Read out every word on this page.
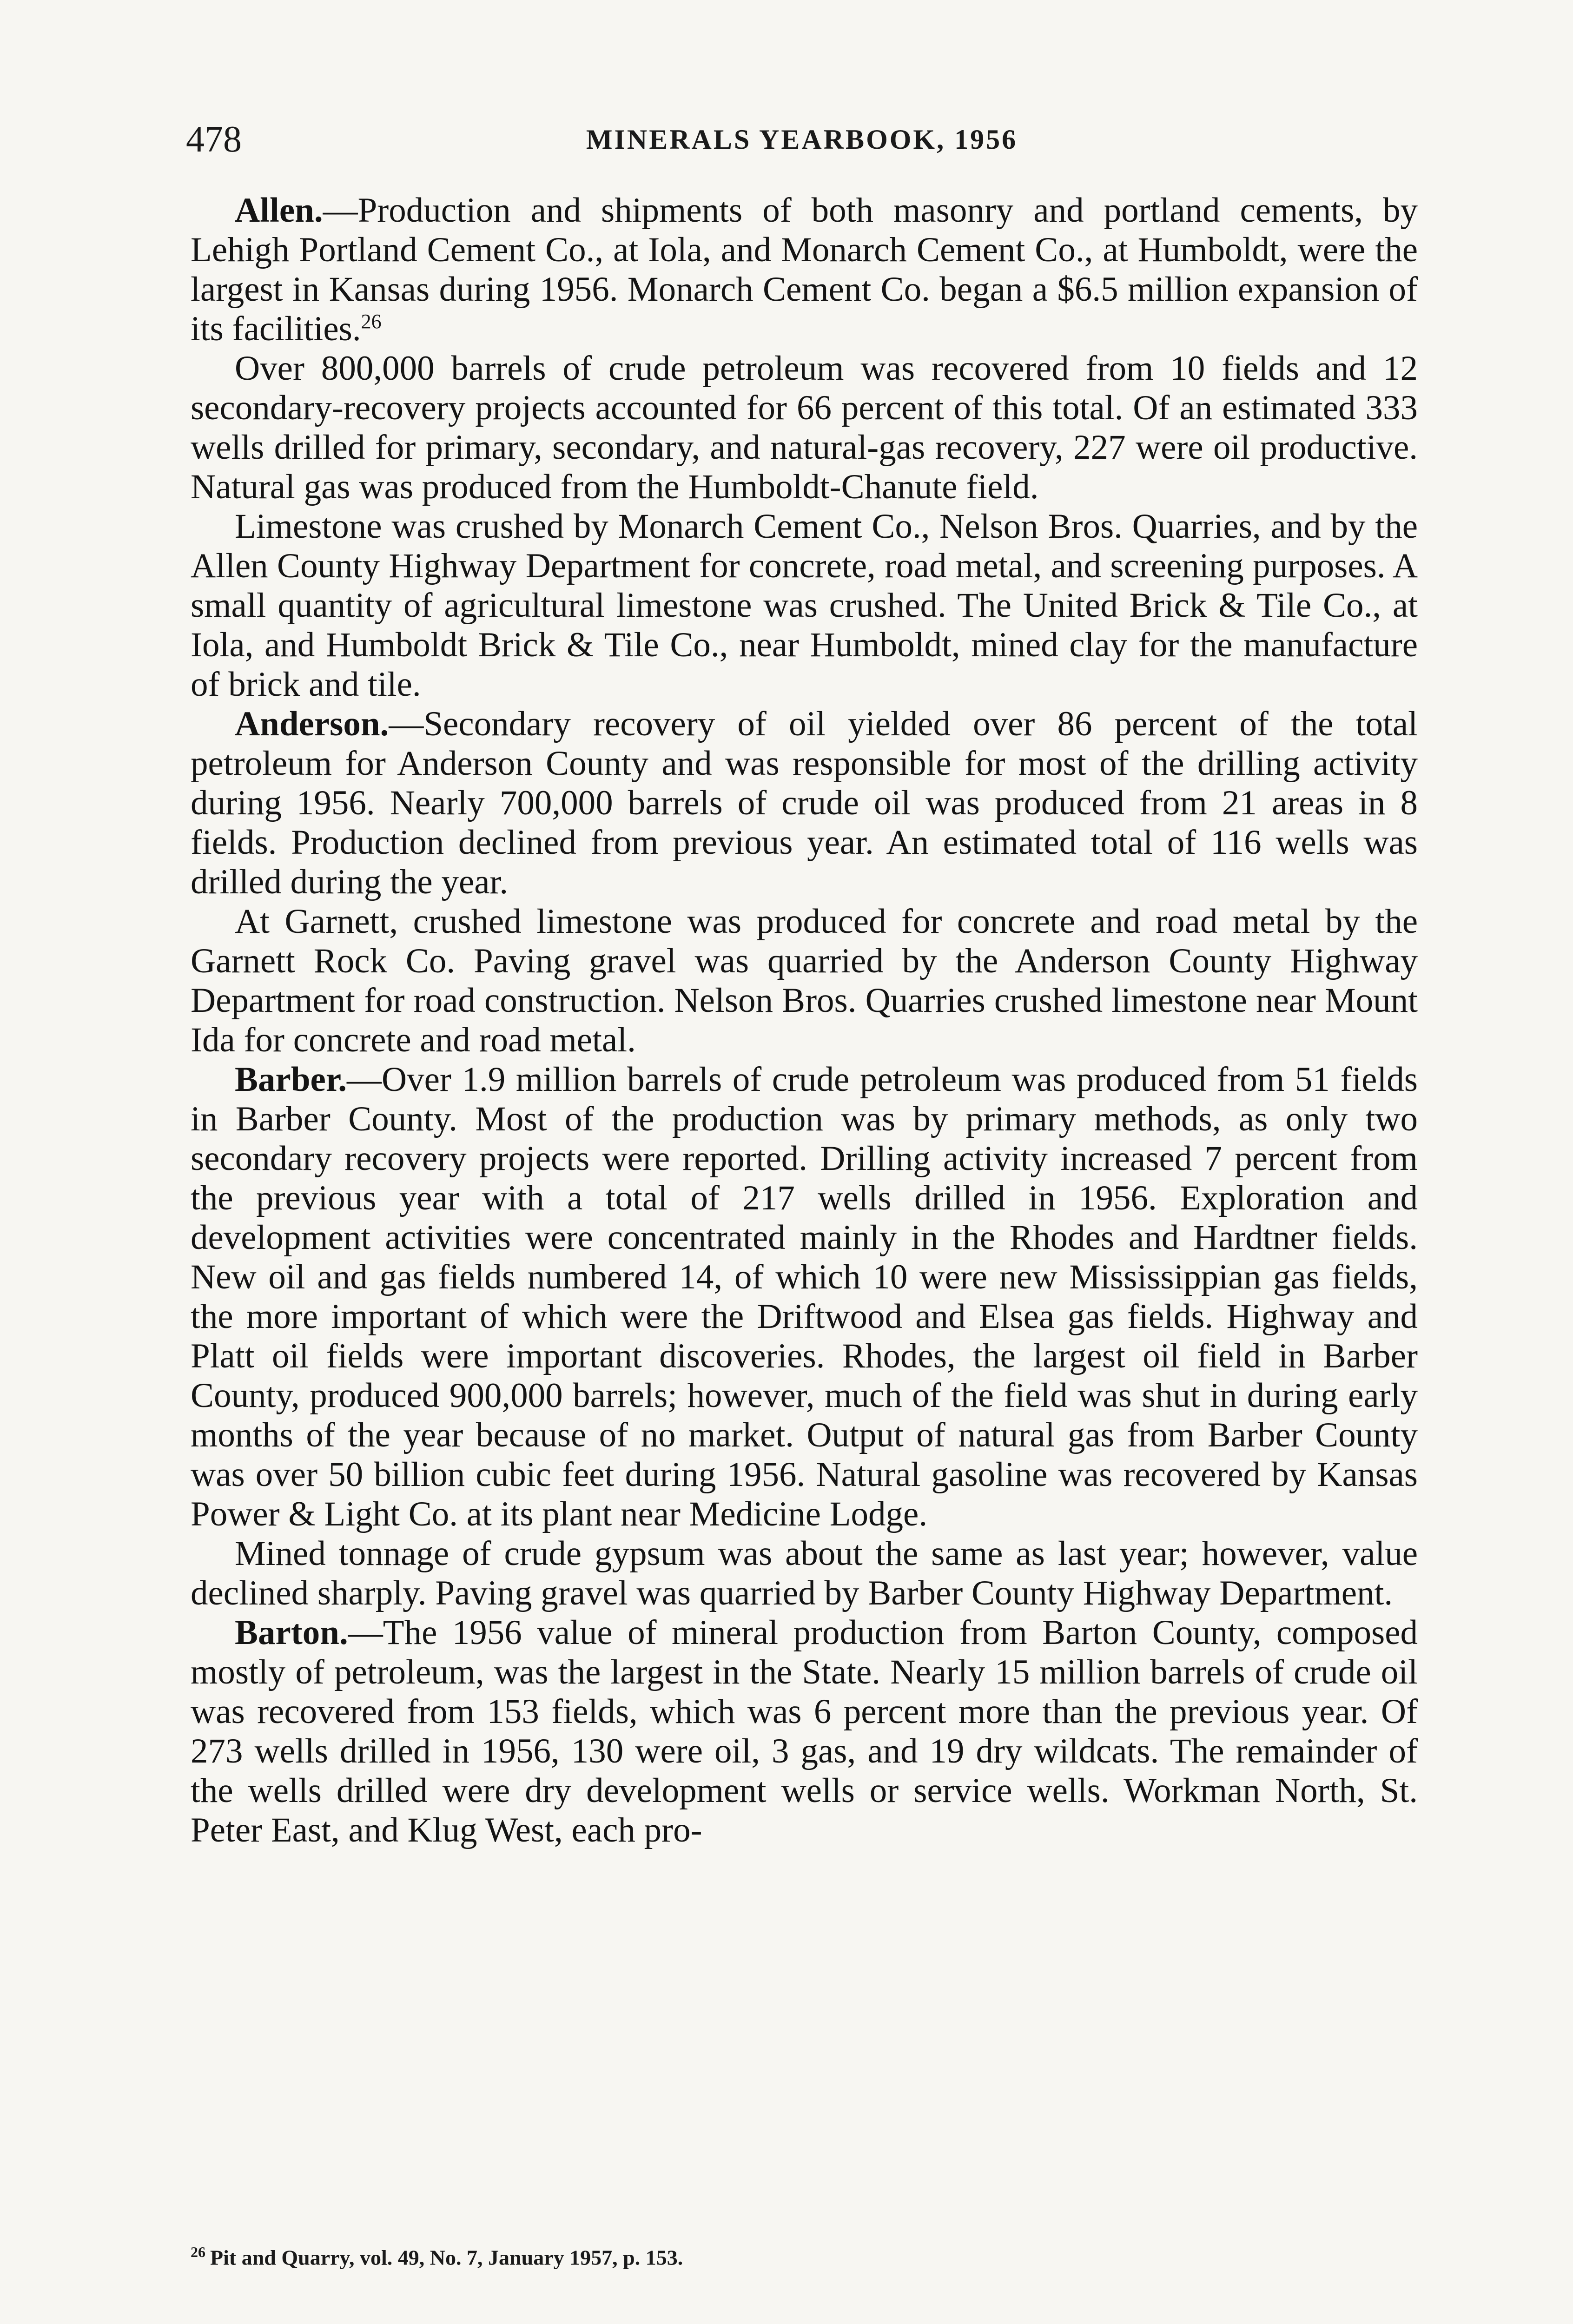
478	MINERALS YEARBOOK, 1956

Allen.—Production and shipments of both masonry and portland cements, by Lehigh Portland Cement Co., at Iola, and Monarch Cement Co., at Humboldt, were the largest in Kansas during 1956. Monarch Cement Co. began a $6.5 million expansion of its facilities.$^{26}$

Over 800,000 barrels of crude petroleum was recovered from 10 fields and 12 secondary-recovery projects accounted for 66 percent of this total. Of an estimated 333 wells drilled for primary, secondary, and natural-gas recovery, 227 were oil productive. Natural gas was produced from the Humboldt-Chanute field.

Limestone was crushed by Monarch Cement Co., Nelson Bros. Quarries, and by the Allen County Highway Department for concrete, road metal, and screening purposes. A small quantity of agricultural limestone was crushed. The United Brick & Tile Co., at Iola, and Humboldt Brick & Tile Co., near Humboldt, mined clay for the manufacture of brick and tile.

Anderson.—Secondary recovery of oil yielded over 86 percent of the total petroleum for Anderson County and was responsible for most of the drilling activity during 1956. Nearly 700,000 barrels of crude oil was produced from 21 areas in 8 fields. Production declined from previous year. An estimated total of 116 wells was drilled during the year.

At Garnett, crushed limestone was produced for concrete and road metal by the Garnett Rock Co. Paving gravel was quarried by the Anderson County Highway Department for road construction. Nelson Bros. Quarries crushed limestone near Mount Ida for concrete and road metal.

Barber.—Over 1.9 million barrels of crude petroleum was produced from 51 fields in Barber County. Most of the production was by primary methods, as only two secondary recovery projects were reported. Drilling activity increased 7 percent from the previous year with a total of 217 wells drilled in 1956. Exploration and development activities were concentrated mainly in the Rhodes and Hardtner fields. New oil and gas fields numbered 14, of which 10 were new Mississippian gas fields, the more important of which were the Driftwood and Elsea gas fields. Highway and Platt oil fields were important discoveries. Rhodes, the largest oil field in Barber County, produced 900,000 barrels; however, much of the field was shut in during early months of the year because of no market. Output of natural gas from Barber County was over 50 billion cubic feet during 1956. Natural gasoline was recovered by Kansas Power & Light Co. at its plant near Medicine Lodge.

Mined tonnage of crude gypsum was about the same as last year; however, value declined sharply. Paving gravel was quarried by Barber County Highway Department.

Barton.—The 1956 value of mineral production from Barton County, composed mostly of petroleum, was the largest in the State. Nearly 15 million barrels of crude oil was recovered from 153 fields, which was 6 percent more than the previous year. Of 273 wells drilled in 1956, 130 were oil, 3 gas, and 19 dry wildcats. The remainder of the wells drilled were dry development wells or service wells. Workman North, St. Peter East, and Klug West, each pro-

$^{26}$ Pit and Quarry, vol. 49, No. 7, January 1957, p. 153.
